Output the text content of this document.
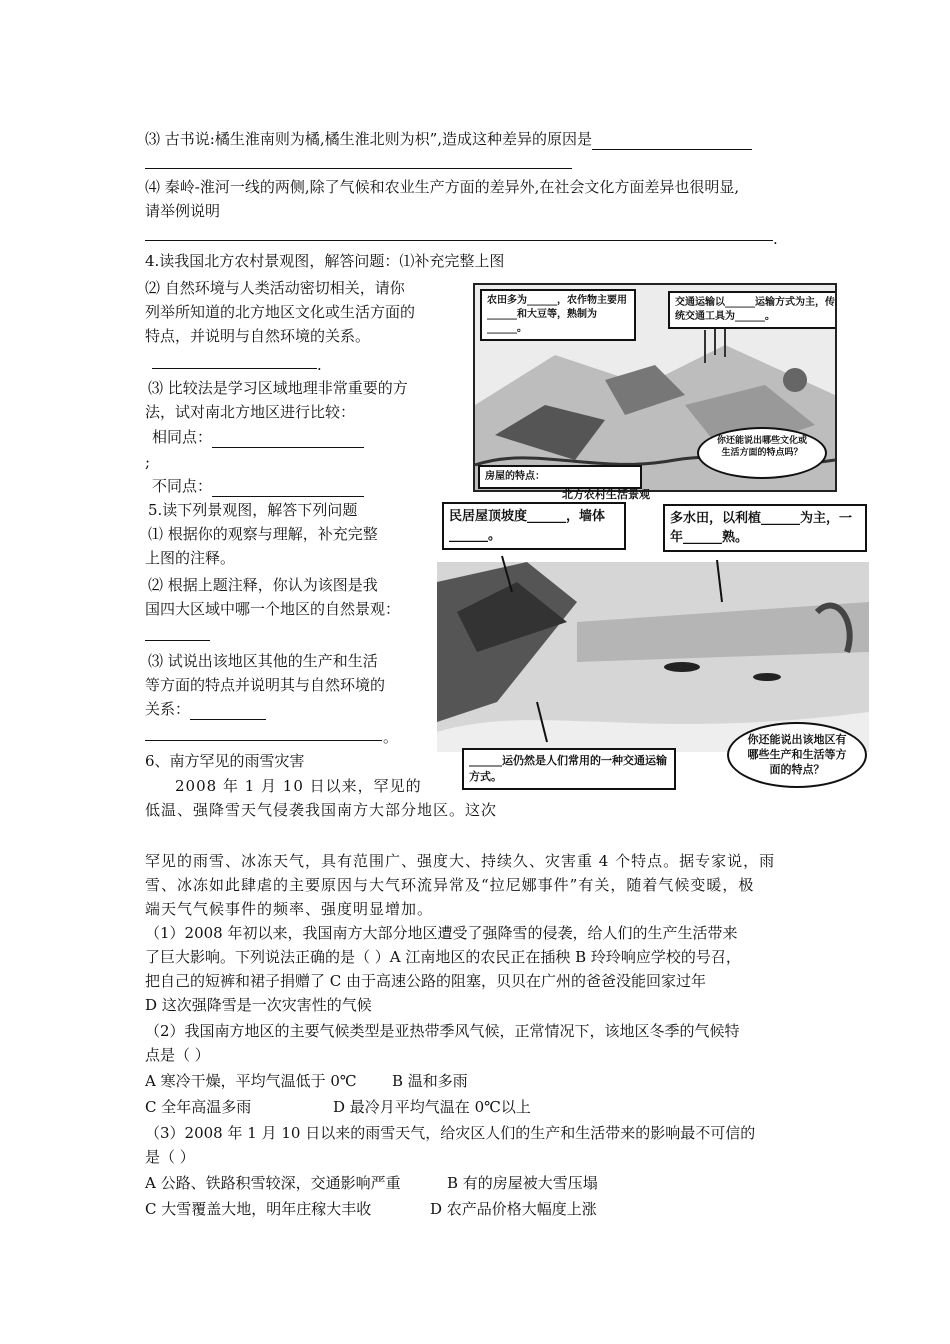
⑶ 古书说:橘生淮南则为橘,橘生淮北则为枳”,造成这种差异的原因是
⑷ 秦岭-淮河一线的两侧,除了气候和农业生产方面的差异外,在社会文化方面差异也很明显,
请举例说明
.
4.读我国北方农村景观图，解答问题：⑴补充完整上图
⑵ 自然环境与人类活动密切相关，请你
列举所知道的北方地区文化或生活方面的
特点，并说明与自然环境的关系。
.
⑶ 比较法是学习区域地理非常重要的方
法，试对南北方地区进行比较：
相同点：
;
不同点：
农田多为______，农作物主要用______和大豆等，熟制为______。
交通运输以______运输方式为主，传统交通工具为______。
房屋的特点：
你还能说出哪些文化或生活方面的特点吗？
北方农村生活景观
5.读下列景观图，解答下列问题
⑴ 根据你的观察与理解，补充完整
上图的注释。
⑵ 根据上题注释，你认为该图是我
国四大区域中哪一个地区的自然景观：
⑶ 试说出该地区其他的生产和生活
等方面的特点并说明其与自然环境的
关系：
。
民居屋顶坡度______，墙体______。
多水田，以利植______为主，一年______熟。
______运仍然是人们常用的一种交通运输方式。
你还能说出该地区有哪些生产和生活等方面的特点？
6、南方罕见的雨雪灾害
2008 年 1 月 10 日以来，罕见的
低温、强降雪天气侵袭我国南方大部分地区。这次
罕见的雨雪、冰冻天气，具有范围广、强度大、持续久、灾害重 4 个特点。据专家说，雨
雪、冰冻如此肆虐的主要原因与大气环流异常及“拉尼娜事件”有关，随着气候变暖，极
端天气气候事件的频率、强度明显增加。
（1）2008 年初以来，我国南方大部分地区遭受了强降雪的侵袭，给人们的生产生活带来
了巨大影响。下列说法正确的是（ ）A 江南地区的农民正在插秧 B 玲玲响应学校的号召，
把自己的短裤和裙子捐赠了 C 由于高速公路的阻塞，贝贝在广州的爸爸没能回家过年
D 这次强降雪是一次灾害性的气候
（2）我国南方地区的主要气候类型是亚热带季风气候，正常情况下，该地区冬季的气候特
点是（ ）
A 寒冷干燥，平均气温低于 0℃ B 温和多雨
C 全年高温多雨	D 最冷月平均气温在 0℃以上
（3）2008 年 1 月 10 日以来的雨雪天气，给灾区人们的生产和生活带来的影响最不可信的
是（ ）
A 公路、铁路积雪较深，交通影响严重	B 有的房屋被大雪压塌
C 大雪覆盖大地，明年庄稼大丰收	D 农产品价格大幅度上涨
